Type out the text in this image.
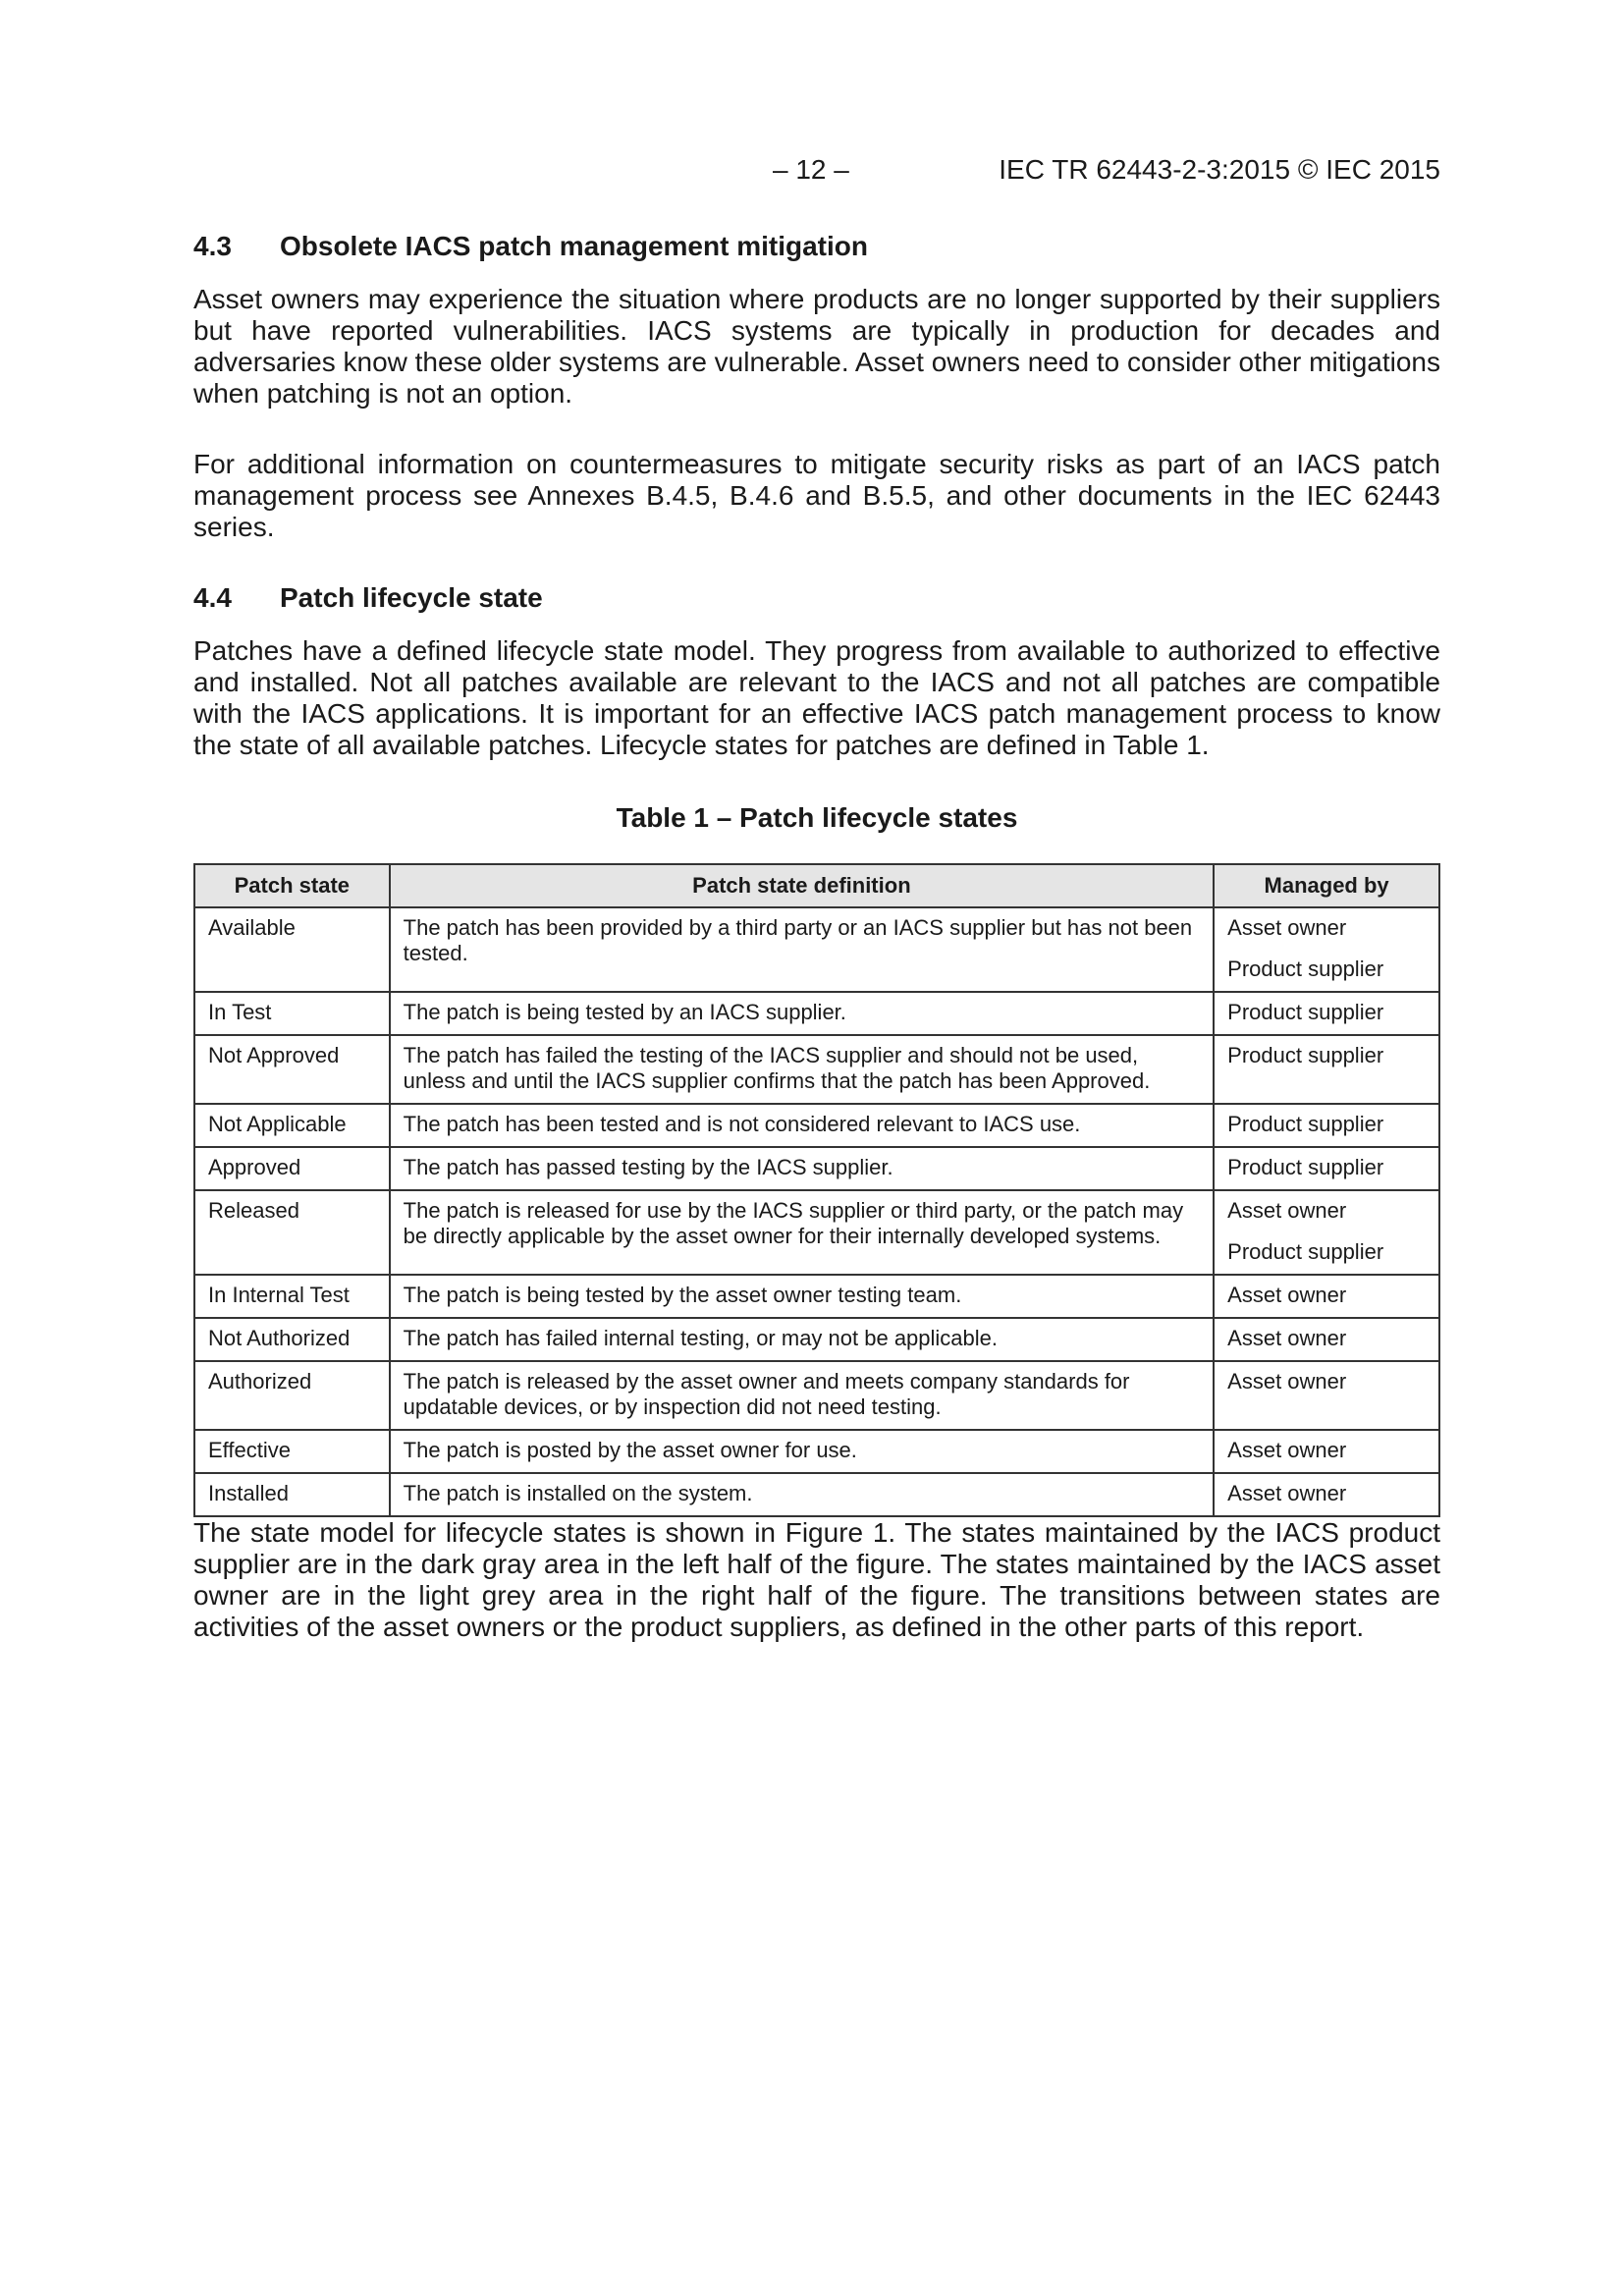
– 12 –	IEC TR 62443-2-3:2015 © IEC 2015
4.3	Obsolete IACS patch management mitigation

Asset owners may experience the situation where products are no longer supported by their suppliers but have reported vulnerabilities. IACS systems are typically in production for decades and adversaries know these older systems are vulnerable. Asset owners need to consider other mitigations when patching is not an option.

For additional information on countermeasures to mitigate security risks as part of an IACS patch management process see Annexes B.4.5, B.4.6 and B.5.5, and other documents in the IEC 62443 series.

4.4	Patch lifecycle state

Patches have a defined lifecycle state model. They progress from available to authorized to effective and installed. Not all patches available are relevant to the IACS and not all patches are compatible with the IACS applications. It is important for an effective IACS patch management process to know the state of all available patches. Lifecycle states for patches are defined in Table 1.

Table 1 – Patch lifecycle states
Patch state	Patch state definition	Managed by
Available	The patch has been provided by a third party or an IACS supplier but has not been tested.	Asset owner
Product supplier

In Test	The patch is being tested by an IACS supplier.	Product supplier

Not Approved	The patch has failed the testing of the IACS supplier and should not be used, unless and until the IACS supplier confirms that the patch has been Approved.	Product supplier

Not Applicable	The patch has been tested and is not considered relevant to IACS use.	Product supplier

Approved	The patch has passed testing by the IACS supplier.	Product supplier

Released	The patch is released for use by the IACS supplier or third party, or the patch may be directly applicable by the asset owner for their internally developed systems.	Asset owner
Product supplier

In Internal Test	The patch is being tested by the asset owner testing team.	Asset owner

Not Authorized	The patch has failed internal testing, or may not be applicable.	Asset owner

Authorized	The patch is released by the asset owner and meets company standards for updatable devices, or by inspection did not need testing.	Asset owner

Effective	The patch is posted by the asset owner for use.	Asset owner

Installed	The patch is installed on the system.	Asset owner

The state model for lifecycle states is shown in Figure 1. The states maintained by the IACS product supplier are in the dark gray area in the left half of the figure. The states maintained by the IACS asset owner are in the light grey area in the right half of the figure. The transitions between states are activities of the asset owners or the product suppliers, as defined in the other parts of this report.
